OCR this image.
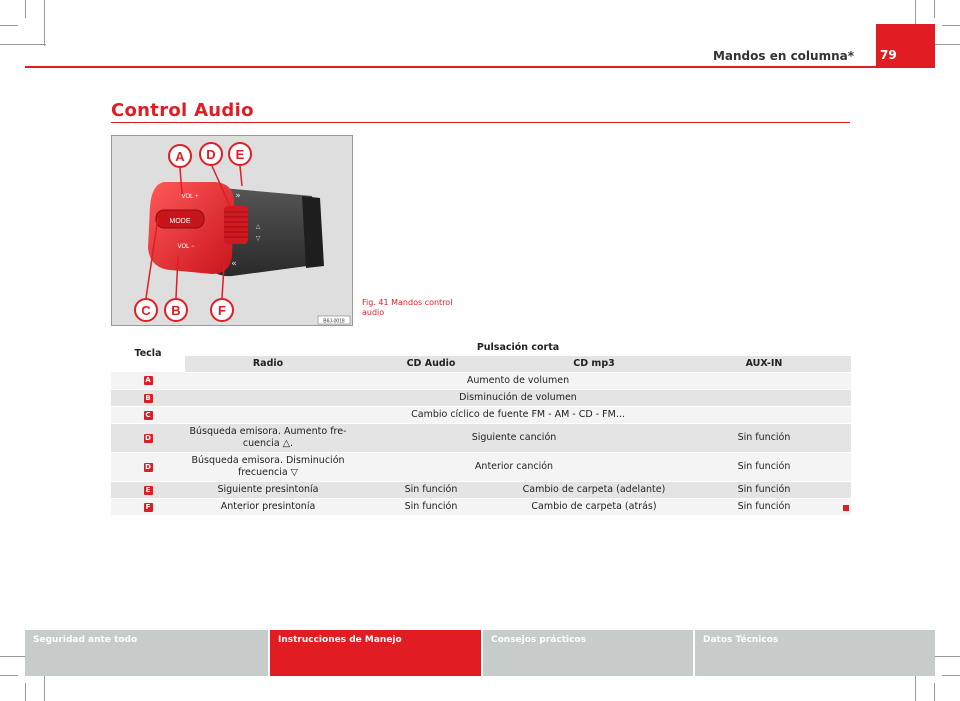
79
Mandos en columna*
Control Audio
MODE
VOL +
VOL −
»
«
△
▽
A D E
C B	F
B6J-0018
Fig. 41 Mandos control audio
Tecla	Pulsación corta			
	Radio	CD Audio	CD mp3	AUX-IN
A	Aumento de volumen			
B	Disminución de volumen			
C	Cambio cíclico de fuente FM - AM - CD - FM...			
D	Búsqueda emisora. Aumento fre-cuencia △.	Siguiente canción		Sin función
D	Búsqueda emisora. Disminución frecuencia ▽	Anterior canción		Sin función
E	Siguiente presintonía	Sin función	Cambio de carpeta (adelante)	Sin función
F	Anterior presintonía	Sin función	Cambio de carpeta (atrás)	Sin función
Seguridad ante todo	Instrucciones de Manejo	Consejos prácticos	Datos Técnicos
